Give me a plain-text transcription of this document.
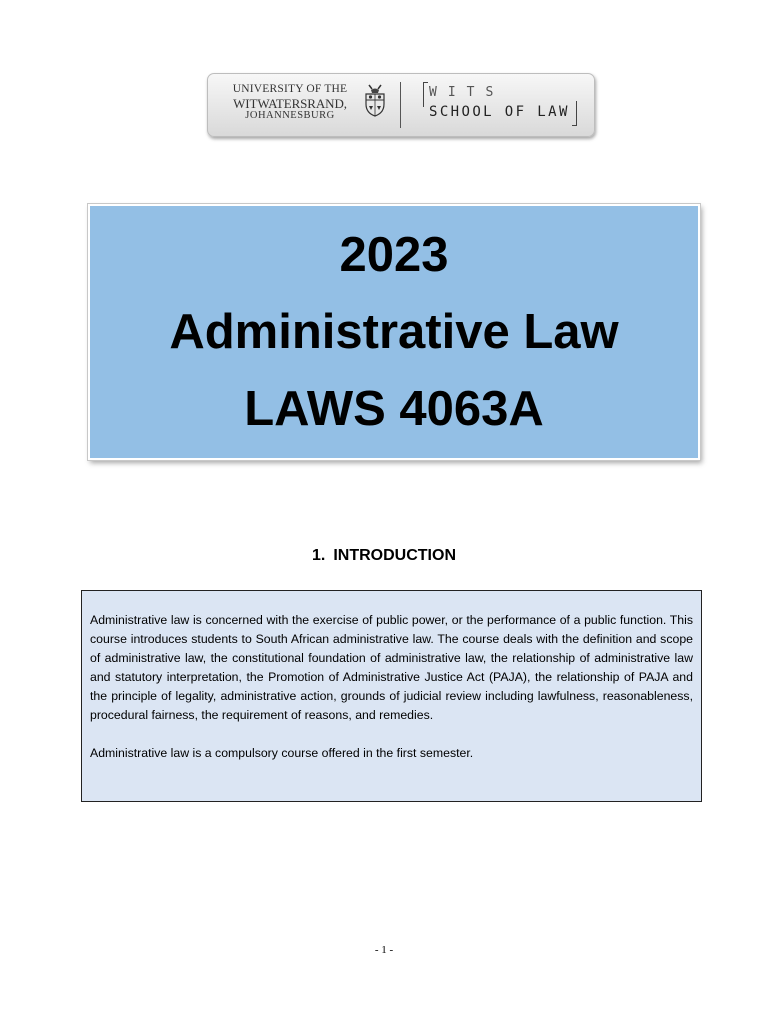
UNIVERSITY OF THE
WITWATERSRAND,
JOHANNESBURG
WITS
SCHOOL OF LAW
2023
Administrative Law
LAWS 4063A
1. INTRODUCTION

Administrative law is concerned with the exercise of public power, or the performance of a public function. This course introduces students to South African administrative law. The course deals with the definition and scope of administrative law, the constitutional foundation of administrative law, the relationship of administrative law and statutory interpretation, the Promotion of Administrative Justice Act (PAJA), the relationship of PAJA and the principle of legality, administrative action, grounds of judicial review including lawfulness, reasonableness, procedural fairness, the requirement of reasons, and remedies.

Administrative law is a compulsory course offered in the first semester.

- 1 -
